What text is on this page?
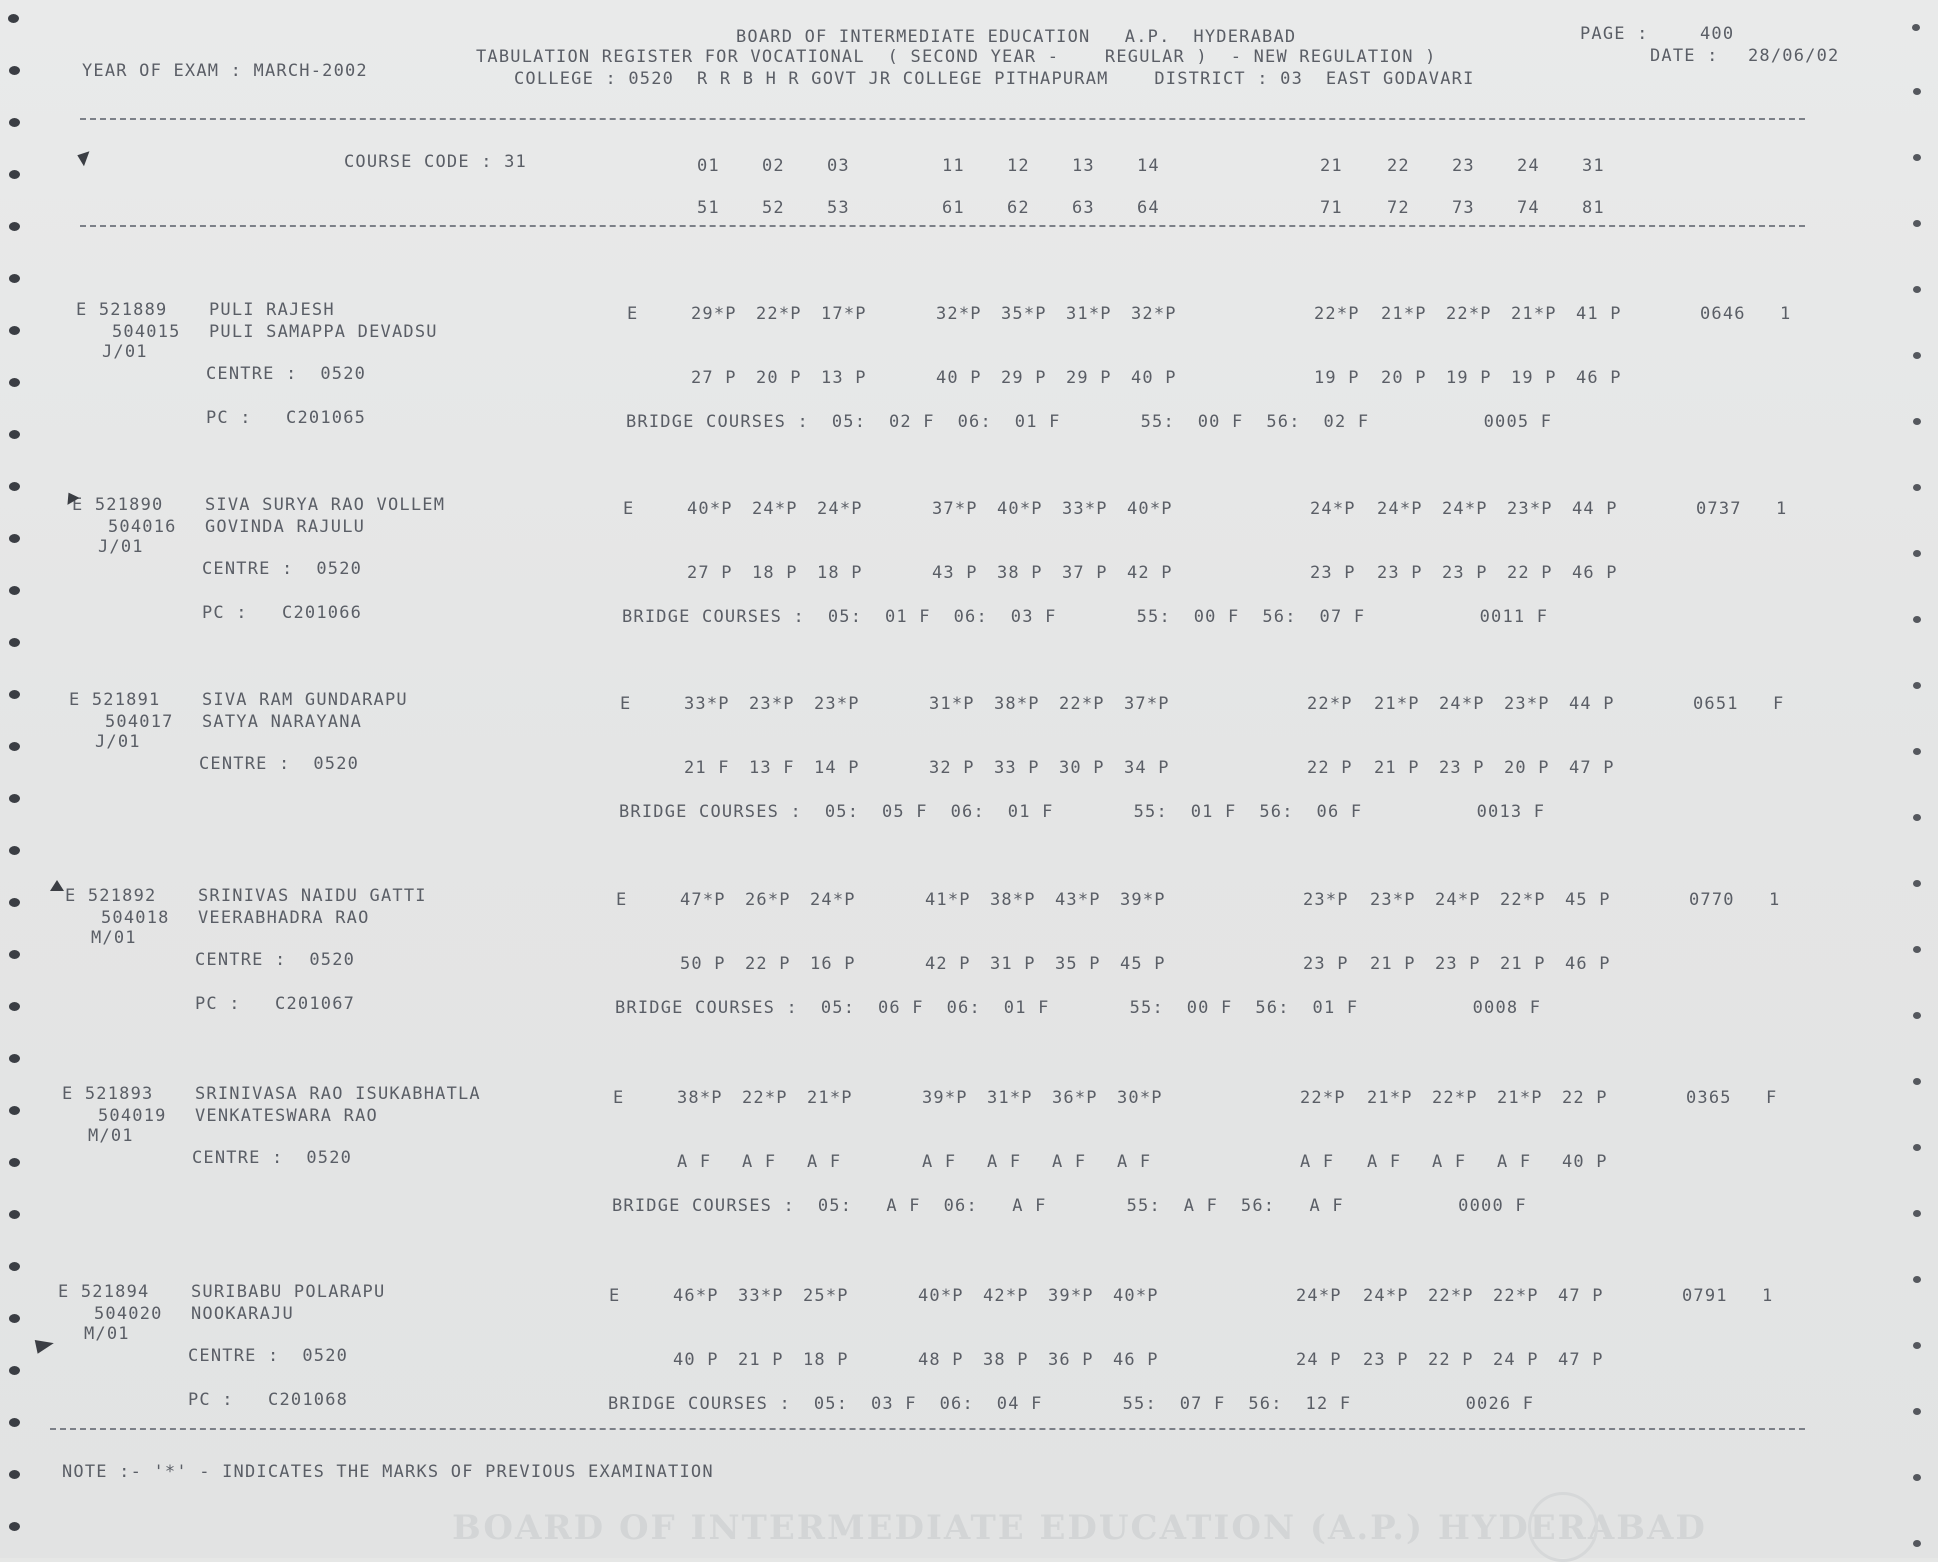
BOARD OF INTERMEDIATE EDUCATION   A.P.  HYDERABAD
TABULATION REGISTER FOR VOCATIONAL  ( SECOND YEAR -    REGULAR )  - NEW REGULATION )
COLLEGE : 0520  R R B H R GOVT JR COLLEGE PITHAPURAM    DISTRICT : 03  EAST GODAVARI
YEAR OF EXAM : MARCH-2002
PAGE :	400
DATE : 28/06/02
COURSE CODE : 31	01 02 03	11 12 13 14	21	22 23 24 31
51 52 53	61 62 63 64	71	72 73 74 81
E 521889 PULI RAJESH
504015 PULI SAMAPPA DEVADSU
J/01
CENTRE :  0520
PC :   C201065
E	29*P 22*P 17*P	32*P 35*P 31*P 32*P	22*P 21*P 22*P 21*P 41 P	0646 1
27 P 20 P 13 P	40 P 29 P 29 P 40 P	19 P 20 P 19 P 19 P 46 P
BRIDGE COURSES :  05:  02 F  06:  01 F       55:  00 F  56:  02 F          0005 F
E 521890 SIVA SURYA RAO VOLLEM
504016 GOVINDA RAJULU
J/01
CENTRE :  0520
PC :   C201066
E	40*P 24*P 24*P	37*P 40*P 33*P 40*P	24*P 24*P 24*P 23*P 44 P	0737 1
27 P 18 P 18 P	43 P 38 P 37 P 42 P	23 P 23 P 23 P 22 P 46 P
BRIDGE COURSES :  05:  01 F  06:  03 F       55:  00 F  56:  07 F          0011 F
E 521891 SIVA RAM GUNDARAPU
504017 SATYA NARAYANA
J/01
CENTRE :  0520
E	33*P 23*P 23*P	31*P 38*P 22*P 37*P	22*P 21*P 24*P 23*P 44 P	0651 F
21 F 13 F 14 P	32 P 33 P 30 P 34 P	22 P 21 P 23 P 20 P 47 P
BRIDGE COURSES :  05:  05 F  06:  01 F       55:  01 F  56:  06 F          0013 F
E 521892 SRINIVAS NAIDU GATTI
504018 VEERABHADRA RAO
M/01
CENTRE :  0520
PC :   C201067
E	47*P 26*P 24*P	41*P 38*P 43*P 39*P	23*P 23*P 24*P 22*P 45 P	0770 1
50 P 22 P 16 P	42 P 31 P 35 P 45 P	23 P 21 P 23 P 21 P 46 P
BRIDGE COURSES :  05:  06 F  06:  01 F       55:  00 F  56:  01 F          0008 F
E 521893 SRINIVASA RAO ISUKABHATLA
504019 VENKATESWARA RAO
M/01
CENTRE :  0520
E	38*P 22*P 21*P	39*P 31*P 36*P 30*P	22*P 21*P 22*P 21*P 22 P	0365 F
A F A F A F	A F A F A F A F	A F A F A F A F 40 P
BRIDGE COURSES :  05:   A F  06:   A F       55:  A F  56:   A F          0000 F
E 521894 SURIBABU POLARAPU
504020 NOOKARAJU
M/01
CENTRE :  0520
PC :   C201068
E	46*P 33*P 25*P	40*P 42*P 39*P 40*P	24*P 24*P 22*P 22*P 47 P	0791 1
40 P 21 P 18 P	48 P 38 P 36 P 46 P	24 P 23 P 22 P 24 P 47 P
BRIDGE COURSES :  05:  03 F  06:  04 F       55:  07 F  56:  12 F          0026 F
NOTE :- '*' - INDICATES THE MARKS OF PREVIOUS EXAMINATION
BOARD OF INTERMEDIATE EDUCATION (A.P.) HYDERABAD
